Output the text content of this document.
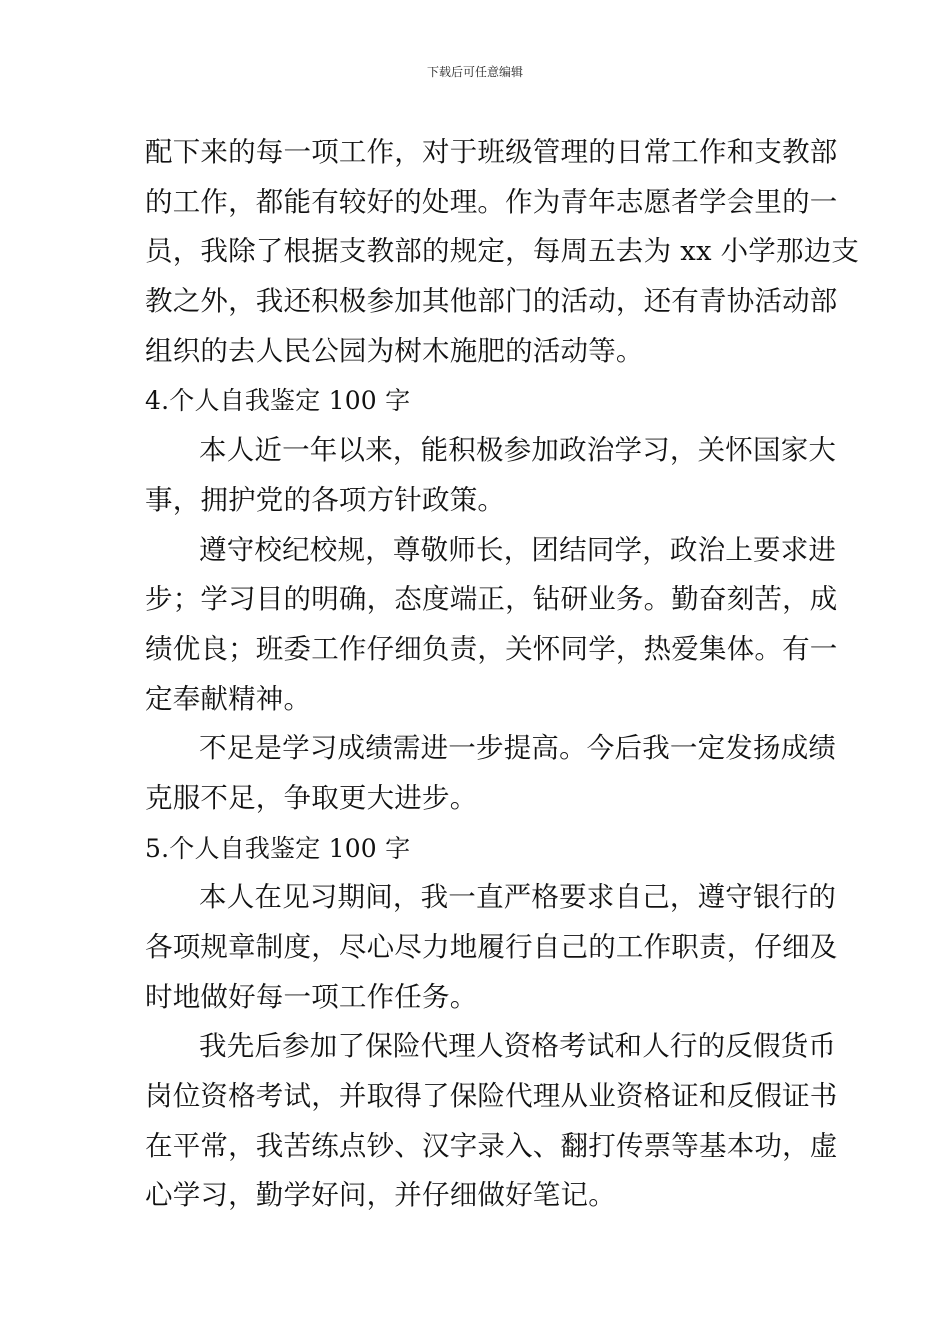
下载后可任意编辑
配下来的每一项工作，对于班级管理的日常工作和支教部
的工作，都能有较好的处理。作为青年志愿者学会里的一
员，我除了根据支教部的规定，每周五去为 xx 小学那边支
教之外，我还积极参加其他部门的活动，还有青协活动部
组织的去人民公园为树木施肥的活动等。
4.个人自我鉴定 100 字
本人近一年以来，能积极参加政治学习，关怀国家大
事，拥护党的各项方针政策。
遵守校纪校规，尊敬师长，团结同学，政治上要求进
步；学习目的明确，态度端正，钻研业务。勤奋刻苦，成
绩优良；班委工作仔细负责，关怀同学，热爱集体。有一
定奉献精神。
不足是学习成绩需进一步提高。今后我一定发扬成绩
克服不足，争取更大进步。
5.个人自我鉴定 100 字
本人在见习期间，我一直严格要求自己，遵守银行的
各项规章制度，尽心尽力地履行自己的工作职责，仔细及
时地做好每一项工作任务。
我先后参加了保险代理人资格考试和人行的反假货币
岗位资格考试，并取得了保险代理从业资格证和反假证书
在平常，我苦练点钞、汉字录入、翻打传票等基本功，虚
心学习，勤学好问，并仔细做好笔记。
